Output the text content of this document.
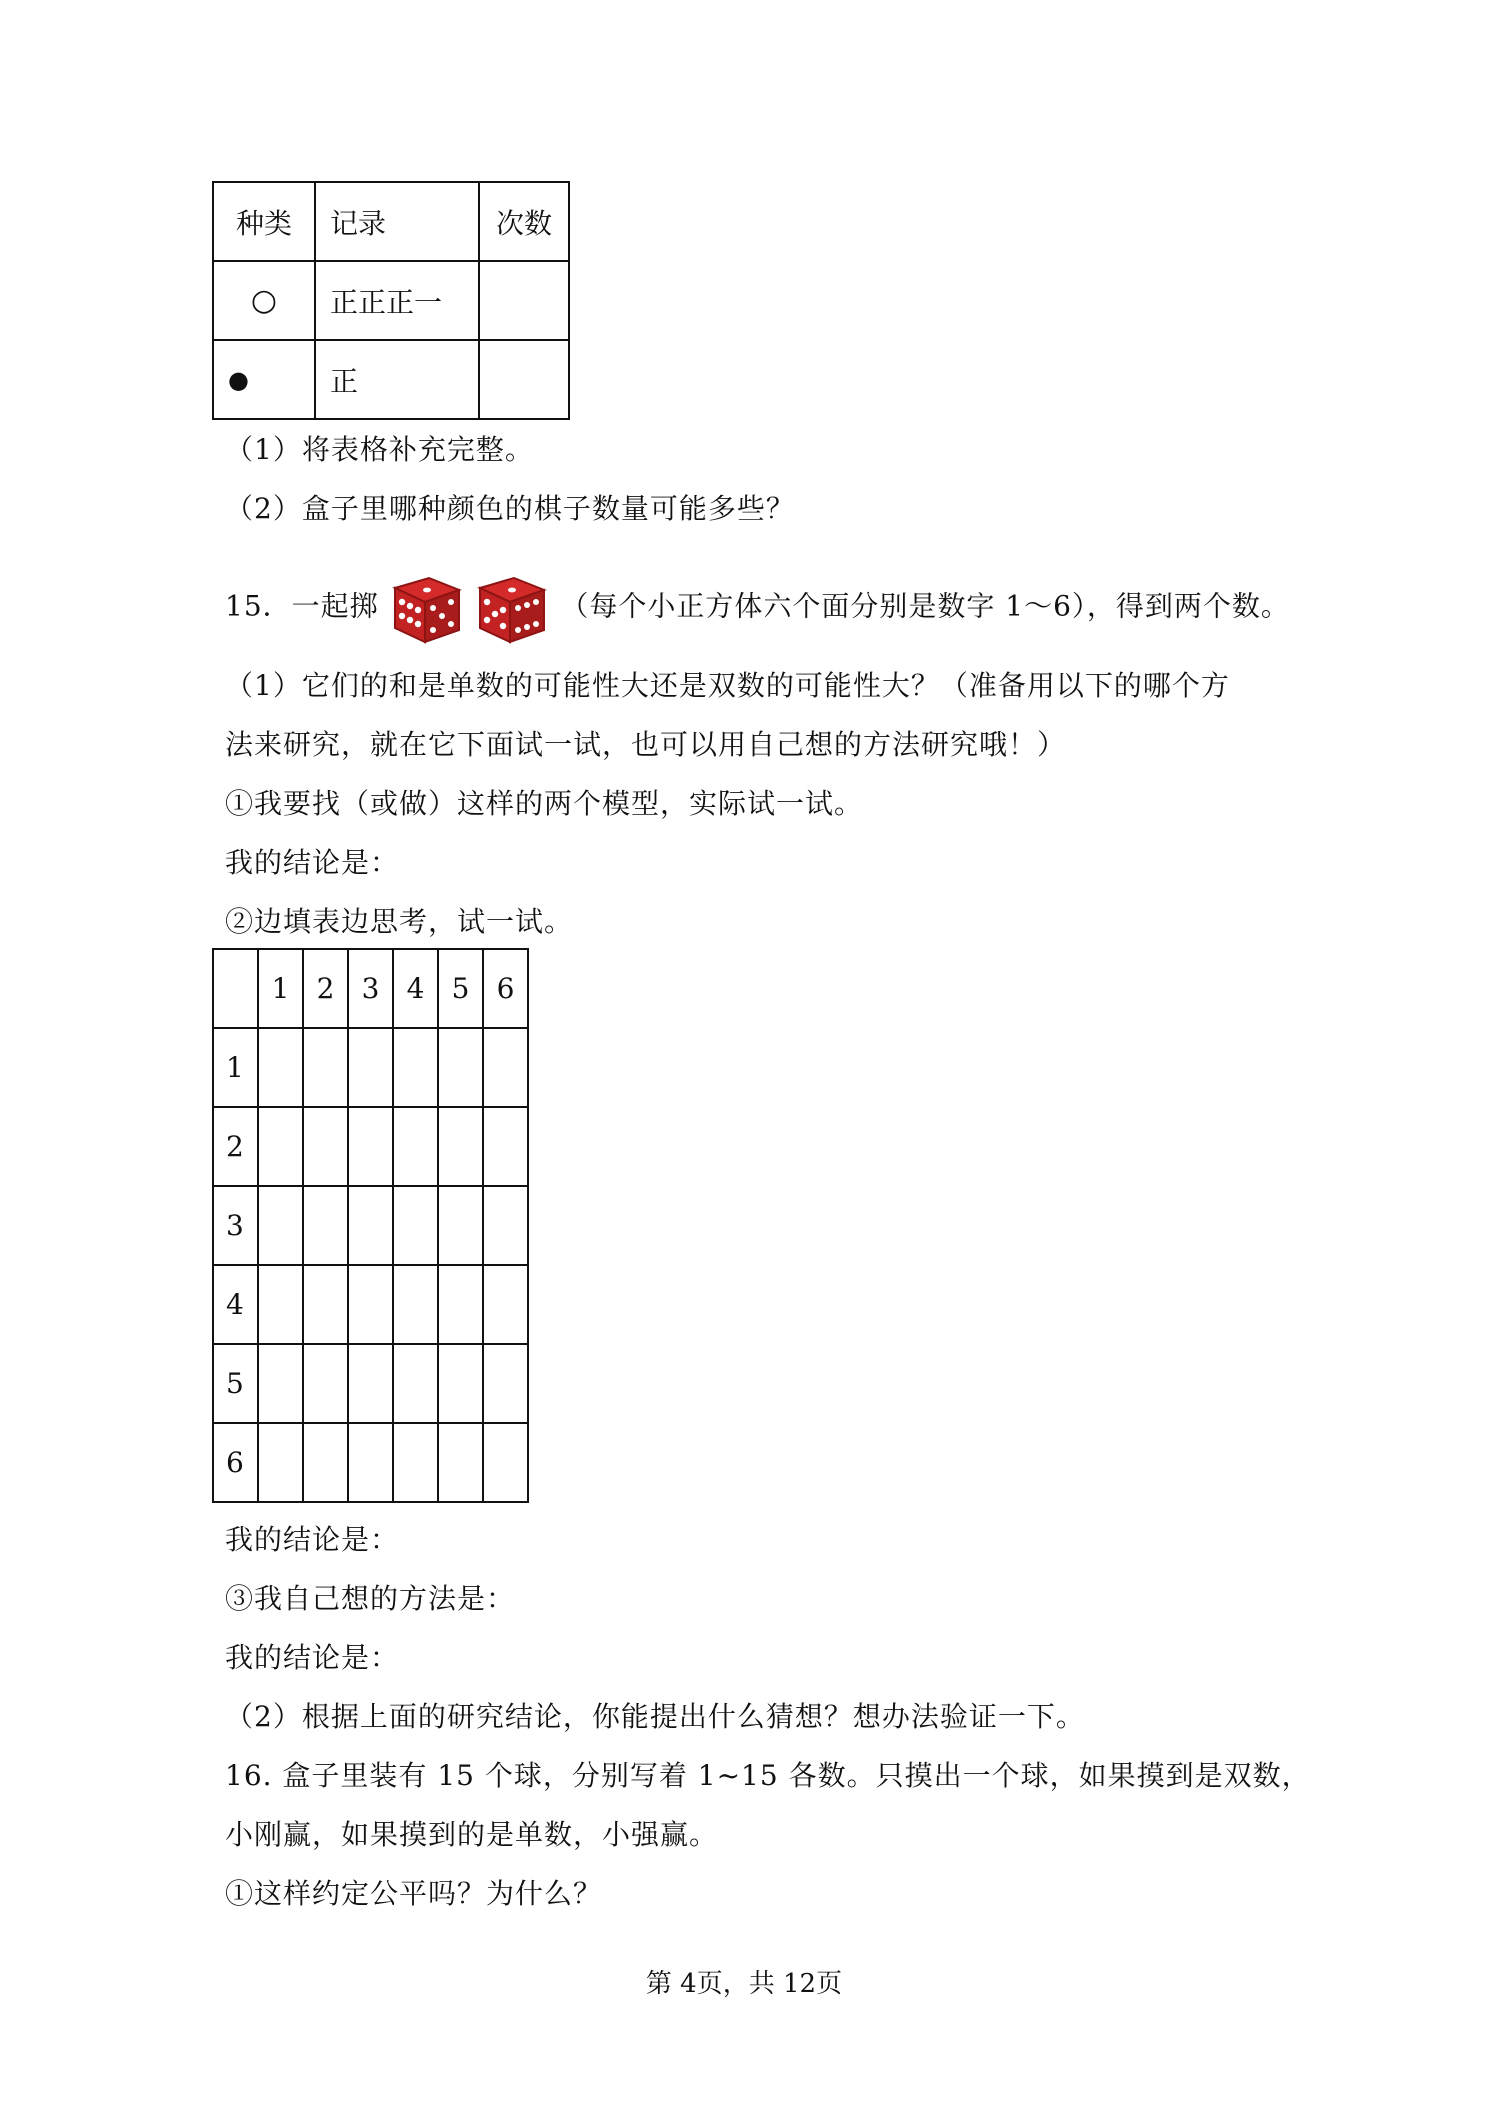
种类	记录	次数
○	正正正一	
●	正	
（1）将表格补充完整。
（2）盒子里哪种颜色的棋子数量可能多些？
15．一起掷	（每个小正方体六个面分别是数字 1～6），得到两个数。
（1）它们的和是单数的可能性大还是双数的可能性大？（准备用以下的哪个方
法来研究，就在它下面试一试，也可以用自己想的方法研究哦！）
①我要找（或做）这样的两个模型，实际试一试。
我的结论是：
②边填表边思考，试一试。
	1	2	3	4	5	6
1						
2						
3						
4						
5						
6						
我的结论是：
③我自己想的方法是：
我的结论是：
（2）根据上面的研究结论，你能提出什么猜想？想办法验证一下。
16. 盒子里装有 15 个球，分别写着 1~15 各数。只摸出一个球，如果摸到是双数，
小刚赢，如果摸到的是单数，小强赢。
①这样约定公平吗？为什么？
第 4页，共 12页
